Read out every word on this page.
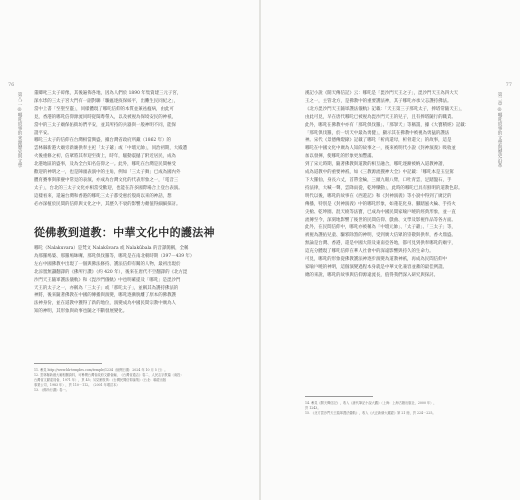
76
第八二 ◎哪吒故事的來源歷史與文學	董卿叱三太子碎像，其後遍佈各地，因為人們於 1890 年集資建三元子宮，

深水埗的三太子宮大門有一副對聯「驅瘟逐疫保綏平，出儺生民同紀之」，

當中上書「至聖至靈」，同樣體現了哪吒信仰的本質並兼祛瘟病，由此可

見，香港的哪吒信仰源流同時從閩粵帶入，以及被視為保境安民的神祇，

當中的三太子廟保佑街坊們平安，並其所持的兵器與一般神明不同，能保

證平安。

哪吒三太子的信仰在台灣相當興盛，據台灣省政府所藏（1862 年）的

雲林縣新港大廟旁新廟供奉主祀「太子爺」或「中壇元帥」，同治初期，大殿遭

火後重修之初，信眾將其奉迎至街上，時年，騷動震撼了附近居民，成為

北港地區的盛事，及為全台知名信仰之一。此外，哪吒在台灣是民間極受

歡迎的神明之一，也是陣頭表演中的主角，例如「三太子舞」已成為國內外

體育賽事與節慶中常見的表演，亦成為台灣文化的代表形象之一，「電音三

太子」，台北的三太子文化亦相當受歡迎，也能在許多國際場合上登台表演。

這樣看來，還遍台灣和香港的哪吒三太子都受惠於殷商以來的神話，想

必亦深植於民間的信仰與文化之中，其歷久不衰的影響力頗值得細細探討。

從佛教到道教：中華文化中的護法神

哪吒（Nalakuvara）是梵文 Nalakūvara 或 Nalakūbala 的音譯簡稱，全稱

為那羅鳩婆、那羅鳩缽囉、那吒俱伐羅等，哪吒是在南北朝時期（397－439 年）

左右中國佛教中出現了一個與佛法修持、護法信仰有關的人物，最初出現於

北涼曇無讖翻譯的《佛所行讚》（約 420 年），後來在唐代不空翻譯的《北方毘

沙門天王隨軍護法儀軌》和《毘沙門儀軌》中也明確提及「哪吒」是毘沙門

天王的太子之一，亦稱為「三太子」或「那吒太子」，並稱其為護持佛法的

神將，後來隨著佛教在中國的傳播與演變，哪吒逐漸脫離了原本的佛教護

法神身份，並在道教中獲得了新的地位，演變成為中國民間宗教中廣為人

知的神明，其形象與故事也隨之不斷發展變化。

11. 參見 http://www.hk-temples.com/temple/1234（檢閱日期：2024 年 10 月 5 日）。

12. 雲林縣新港大廟相關資料，可參閱台灣省政府文獻會編，《台灣省通志》卷二，人民志宗教篇（南投：

台灣省文獻委員會，1971 年），頁 45；另見劉枝萬：《台灣民間信仰論集》（台北：聯經出版

事業公司，1983 年），頁 110－112。（2001 年增訂本）

13. 《佛所行讚》卷一。

77
第二章 ◎哪吒故事的文學與歷史沿革

漢記小說《開天傳信記》云：哪吒是「毘沙門天王之子」，毘沙門天王為四大天

王之一，主管北方，是佛教中的重要護法神，其子哪吒亦承父志護持佛法。

《北方毘沙門天王隨軍護法儀軌》記載：「天王第三子那吒太子，捧塔常隨天王」，

由此可見，早在唐代哪吒已被視為毘沙門天王的兒子，且有捧塔隨行的職責。

此外，哪吒在佛教中亦有「那吒俱伐羅」、「那拏天」等稱謂，據《大寶積經》記載：

「那吒俱伐羅，於一切天中最為勇健」，顯示其在佛教中被視為勇猛的護法

神。宋代《景德傳燈錄》記載了哪吒「析肉還母，析骨還父」的故事，這是

哪吒在中國文化中廣為人知的故事之一，後來被明代小說《封神演義》吸收並

加以發揮，使哪吒的形象更加豐滿。

到了宋元時期，隨著佛教與道教的相互融合，哪吒逐漸被納入道教神譜，

成為道教中的重要神祇，如《三教源流搜神大全》中記載：「哪吒本是玉皇駕

下大羅仙，身長六丈，首帶金輪，三頭九眼八臂，口吐青雲，足踏盤石，手

持法律，大喊一聲，雲降雨從，乾坤爍動」，此時的哪吒已具有鮮明的道教色彩。

明代以後，哪吒的故事在《西遊記》和《封神演義》等小說中得到了廣泛的

傳播，特別是《封神演義》中的哪吒形象，如蓮花化身、腳踏風火輪、手持火

尖槍、乾坤圈、混天綾等法寶，已成為中國民間家喻戶曉的經典形象，並一直

流傳至今，深刻地影響了後世的民間信仰、戲曲、文學及影視作品等各方面。

此外，在民間信仰中，哪吒亦被稱為「中壇元帥」、「太子爺」、「三太子」等，

被視為護佑兒童、驅邪除煞的神明，受到廣大信眾的崇敬與供奉，香火鼎盛。

無論是台灣、香港，還是中國大陸及東南亞各地，都可見到供奉哪吒的廟宇，

這充分體現了哪吒信仰在華人社會中的深遠影響與持久的生命力。

可見，哪吒的形象從佛教護法神逐步演變為道教神祇，再成為民間信仰中

家喻戶曉的神明，這個演變過程本身就是中華文化兼容並蓄的最佳例證。

總的來說，哪吒的故事與信仰源遠流長，值得我們深入研究與探討。

14. 參見《開天傳信記》，收入《唐代筆記小說大觀》（上海：上海古籍出版社，2000 年），

頁 1243。

15. 《北方毘沙門天王隨軍護法儀軌》，收入《大正新脩大藏經》第 21 冊，頁 224－225。
